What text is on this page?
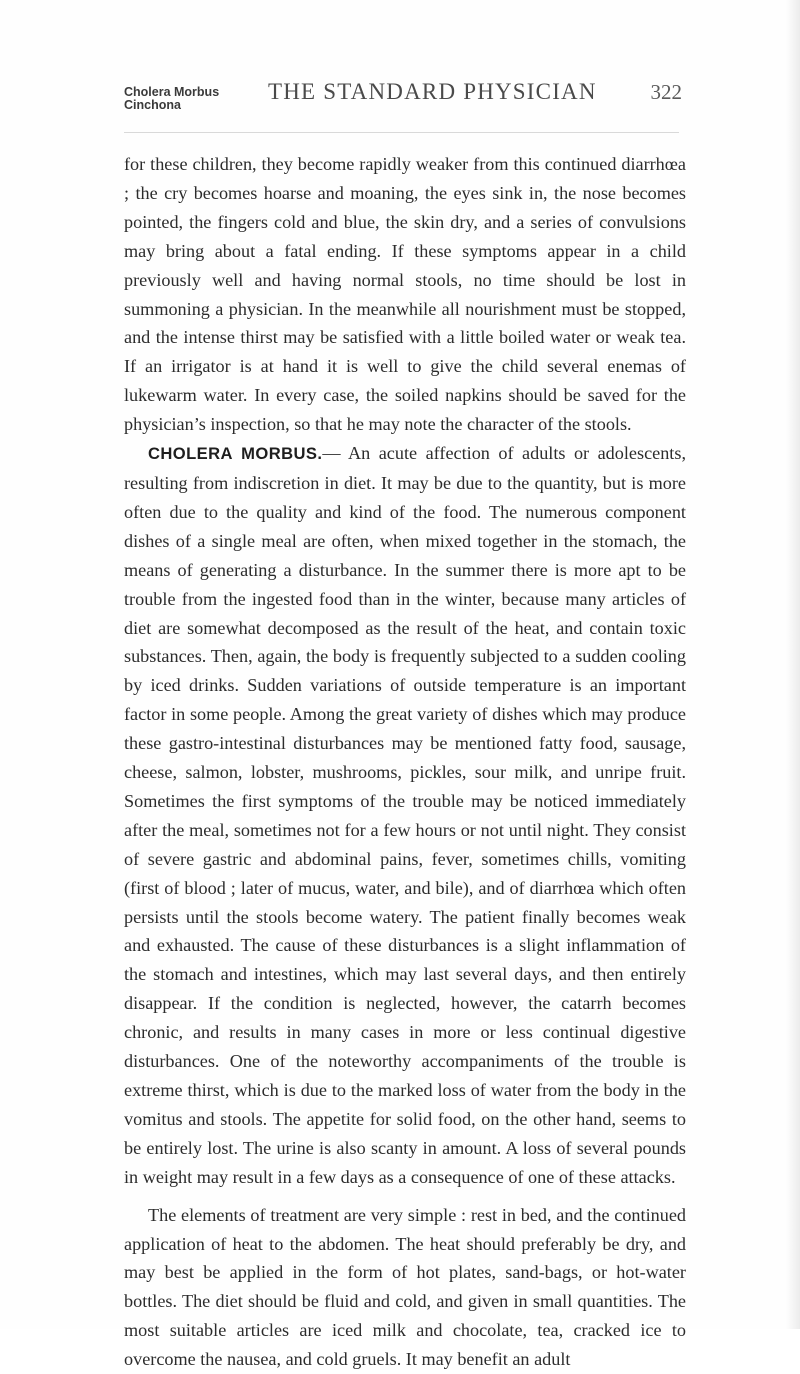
Cholera Morbus
Cinchona
THE STANDARD PHYSICIAN	322

for these children, they become rapidly weaker from this continued diarrhœa ; the cry becomes hoarse and moaning, the eyes sink in, the nose becomes pointed, the fingers cold and blue, the skin dry, and a series of convulsions may bring about a fatal ending. If these symptoms appear in a child previously well and having normal stools, no time should be lost in summoning a physician. In the meanwhile all nourishment must be stopped, and the intense thirst may be satisfied with a little boiled water or weak tea. If an irrigator is at hand it is well to give the child several enemas of lukewarm water. In every case, the soiled napkins should be saved for the physician’s inspection, so that he may note the character of the stools.

CHOLERA MORBUS.— An acute affection of adults or adolescents, resulting from indiscretion in diet. It may be due to the quantity, but is more often due to the quality and kind of the food. The numerous component dishes of a single meal are often, when mixed together in the stomach, the means of generating a disturbance. In the summer there is more apt to be trouble from the ingested food than in the winter, because many articles of diet are somewhat decomposed as the result of the heat, and contain toxic substances. Then, again, the body is frequently subjected to a sudden cooling by iced drinks. Sudden variations of outside temperature is an important factor in some people. Among the great variety of dishes which may produce these gastro-intestinal disturbances may be mentioned fatty food, sausage, cheese, salmon, lobster, mushrooms, pickles, sour milk, and unripe fruit. Sometimes the first symptoms of the trouble may be noticed immediately after the meal, sometimes not for a few hours or not until night. They consist of severe gastric and abdominal pains, fever, sometimes chills, vomiting (first of blood ; later of mucus, water, and bile), and of diarrhœa which often persists until the stools become watery. The patient finally becomes weak and exhausted. The cause of these disturbances is a slight inflammation of the stomach and intestines, which may last several days, and then entirely disappear. If the condition is neglected, however, the catarrh becomes chronic, and results in many cases in more or less continual digestive disturbances. One of the noteworthy accompaniments of the trouble is extreme thirst, which is due to the marked loss of water from the body in the vomitus and stools. The appetite for solid food, on the other hand, seems to be entirely lost. The urine is also scanty in amount. A loss of several pounds in weight may result in a few days as a consequence of one of these attacks.

The elements of treatment are very simple : rest in bed, and the continued application of heat to the abdomen. The heat should preferably be dry, and may best be applied in the form of hot plates, sand-bags, or hot-water bottles. The diet should be fluid and cold, and given in small quantities. The most suitable articles are iced milk and chocolate, tea, cracked ice to overcome the nausea, and cold gruels. It may benefit an adult
